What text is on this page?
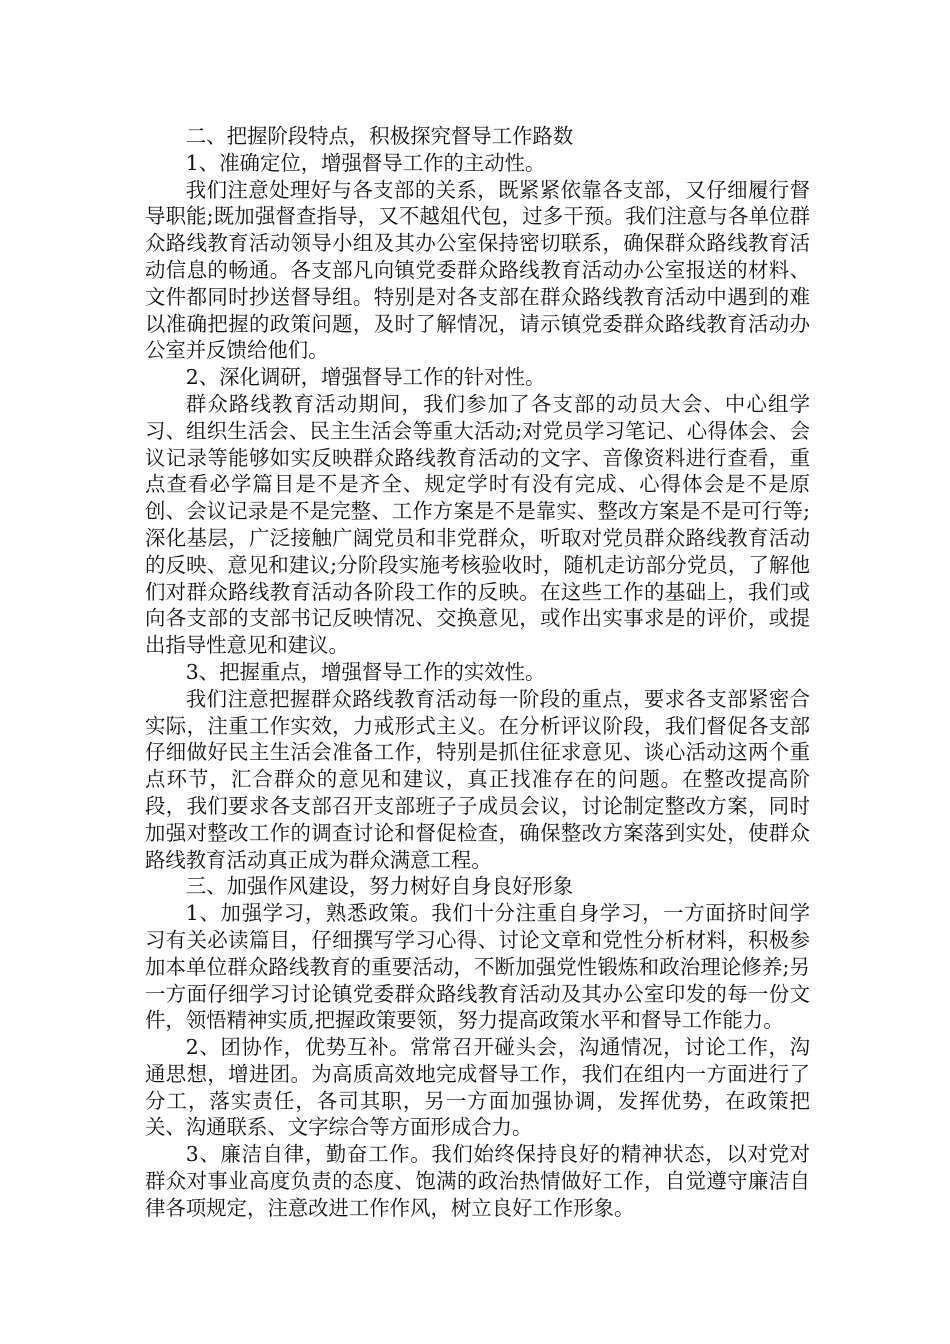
二、把握阶段特点，积极探究督导工作路数

1、准确定位，增强督导工作的主动性。

我们注意处理好与各支部的关系，既紧紧依靠各支部，又仔细履行督导职能;既加强督查指导，又不越俎代包，过多干预。我们注意与各单位群众路线教育活动领导小组及其办公室保持密切联系，确保群众路线教育活动信息的畅通。各支部凡向镇党委群众路线教育活动办公室报送的材料、文件都同时抄送督导组。特别是对各支部在群众路线教育活动中遇到的难以准确把握的政策问题，及时了解情况，请示镇党委群众路线教育活动办公室并反馈给他们。

2、深化调研，增强督导工作的针对性。

群众路线教育活动期间，我们参加了各支部的动员大会、中心组学习、组织生活会、民主生活会等重大活动;对党员学习笔记、心得体会、会议记录等能够如实反映群众路线教育活动的文字、音像资料进行查看，重点查看必学篇目是不是齐全、规定学时有没有完成、心得体会是不是原创、会议记录是不是完整、工作方案是不是靠实、整改方案是不是可行等;深化基层，广泛接触广阔党员和非党群众，听取对党员群众路线教育活动的反映、意见和建议;分阶段实施考核验收时，随机走访部分党员，了解他们对群众路线教育活动各阶段工作的反映。在这些工作的基础上，我们或向各支部的支部书记反映情况、交换意见，或作出实事求是的评价，或提出指导性意见和建议。

3、把握重点，增强督导工作的实效性。

我们注意把握群众路线教育活动每一阶段的重点，要求各支部紧密合实际，注重工作实效，力戒形式主义。在分析评议阶段，我们督促各支部仔细做好民主生活会准备工作，特别是抓住征求意见、谈心活动这两个重点环节，汇合群众的意见和建议，真正找准存在的问题。在整改提高阶段，我们要求各支部召开支部班子子成员会议，讨论制定整改方案，同时加强对整改工作的调查讨论和督促检查，确保整改方案落到实处，使群众路线教育活动真正成为群众满意工程。

三、加强作风建设，努力树好自身良好形象

1、加强学习，熟悉政策。我们十分注重自身学习，一方面挤时间学习有关必读篇目，仔细撰写学习心得、讨论文章和党性分析材料，积极参加本单位群众路线教育的重要活动，不断加强党性锻炼和政治理论修养;另一方面仔细学习讨论镇党委群众路线教育活动及其办公室印发的每一份文件，领悟精神实质,把握政策要领，努力提高政策水平和督导工作能力。

2、团协作，优势互补。常常召开碰头会，沟通情况，讨论工作，沟通思想，增进团。为高质高效地完成督导工作，我们在组内一方面进行了分工，落实责任，各司其职，另一方面加强协调，发挥优势，在政策把关、沟通联系、文字综合等方面形成合力。

3、廉洁自律，勤奋工作。我们始终保持良好的精神状态，以对党对群众对事业高度负责的态度、饱满的政治热情做好工作，自觉遵守廉洁自律各项规定，注意改进工作作风，树立良好工作形象。
